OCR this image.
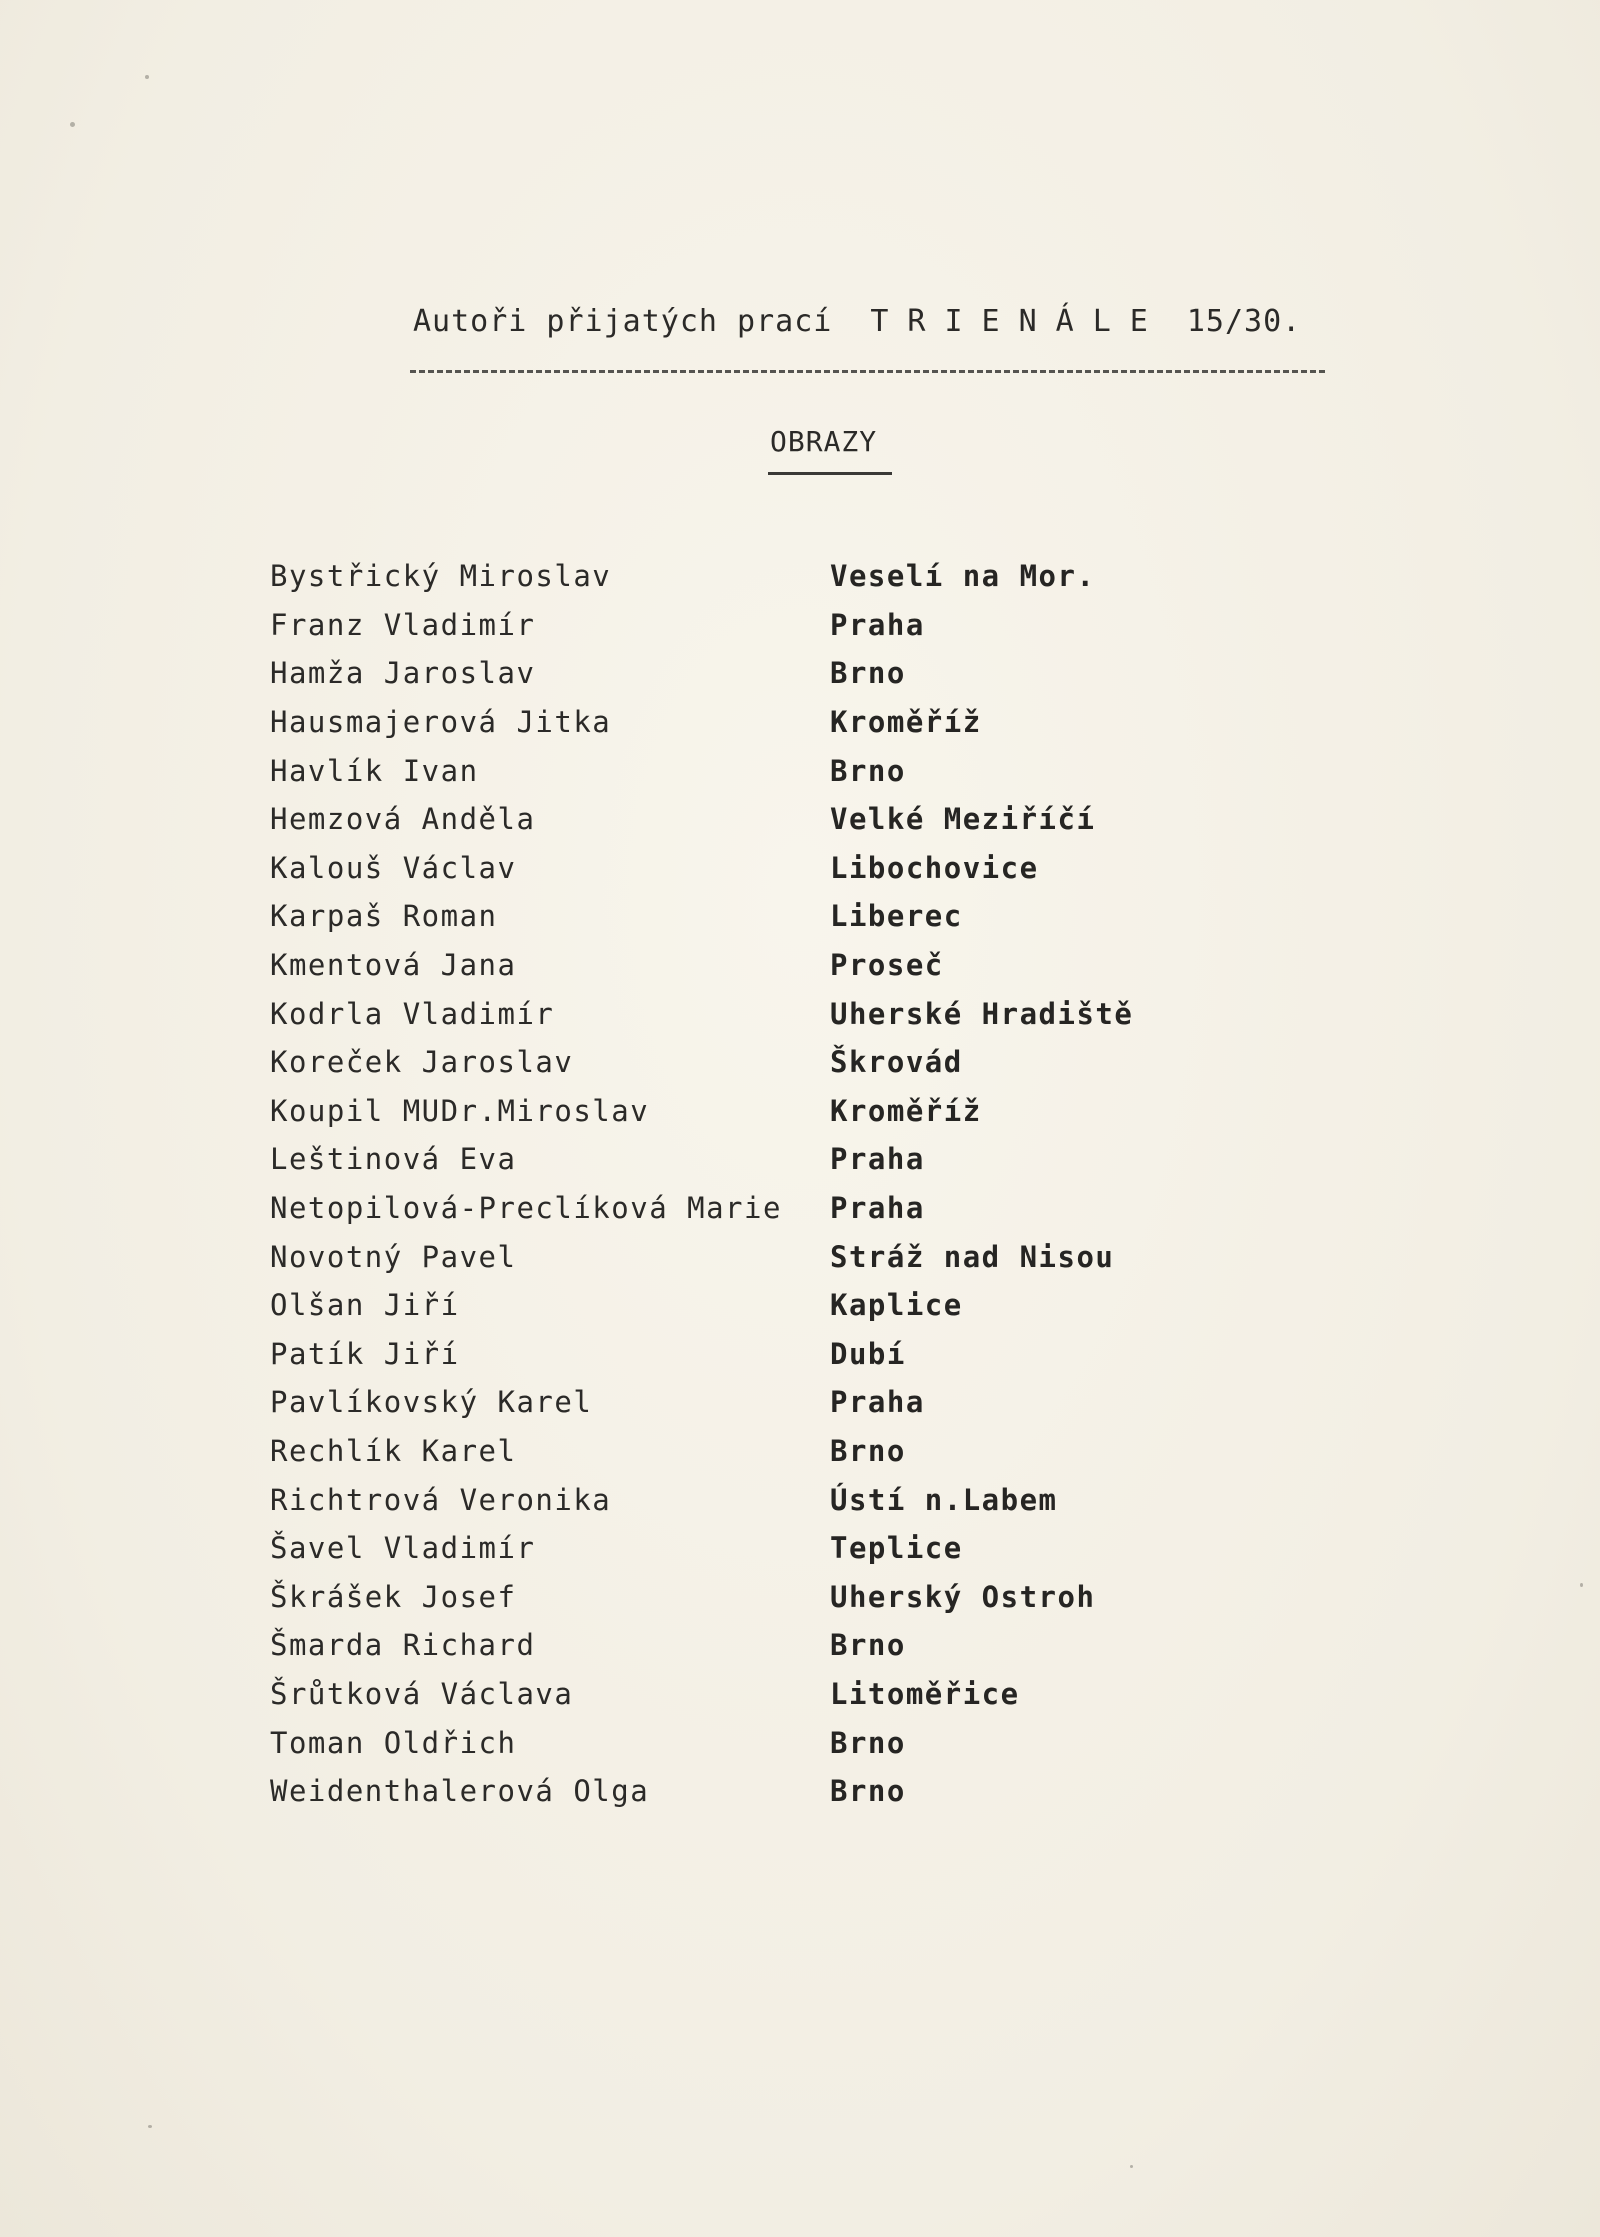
Autoři přijatých prací TRIENÁLE 15/30.
OBRAZY
Bystřický Miroslav	Veselí na Mor.
Franz Vladimír	Praha
Hamža Jaroslav	Brno
Hausmajerová Jitka	Kroměříž
Havlík Ivan	Brno
Hemzová Anděla	Velké Meziříčí
Kalouš Václav	Libochovice
Karpaš Roman	Liberec
Kmentová Jana	Proseč
Kodrla Vladimír	Uherské Hradiště
Koreček Jaroslav	Škrovád
Koupil MUDr.Miroslav	Kroměříž
Leštinová Eva	Praha
Netopilová-Preclíková Marie	Praha
Novotný Pavel	Stráž nad Nisou
Olšan Jiří	Kaplice
Patík Jiří	Dubí
Pavlíkovský Karel	Praha
Rechlík Karel	Brno
Richtrová Veronika	Ústí n.Labem
Šavel Vladimír	Teplice
Škrášek Josef	Uherský Ostroh
Šmarda Richard	Brno
Šrůtková Václava	Litoměřice
Toman Oldřich	Brno
Weidenthalerová Olga	Brno
